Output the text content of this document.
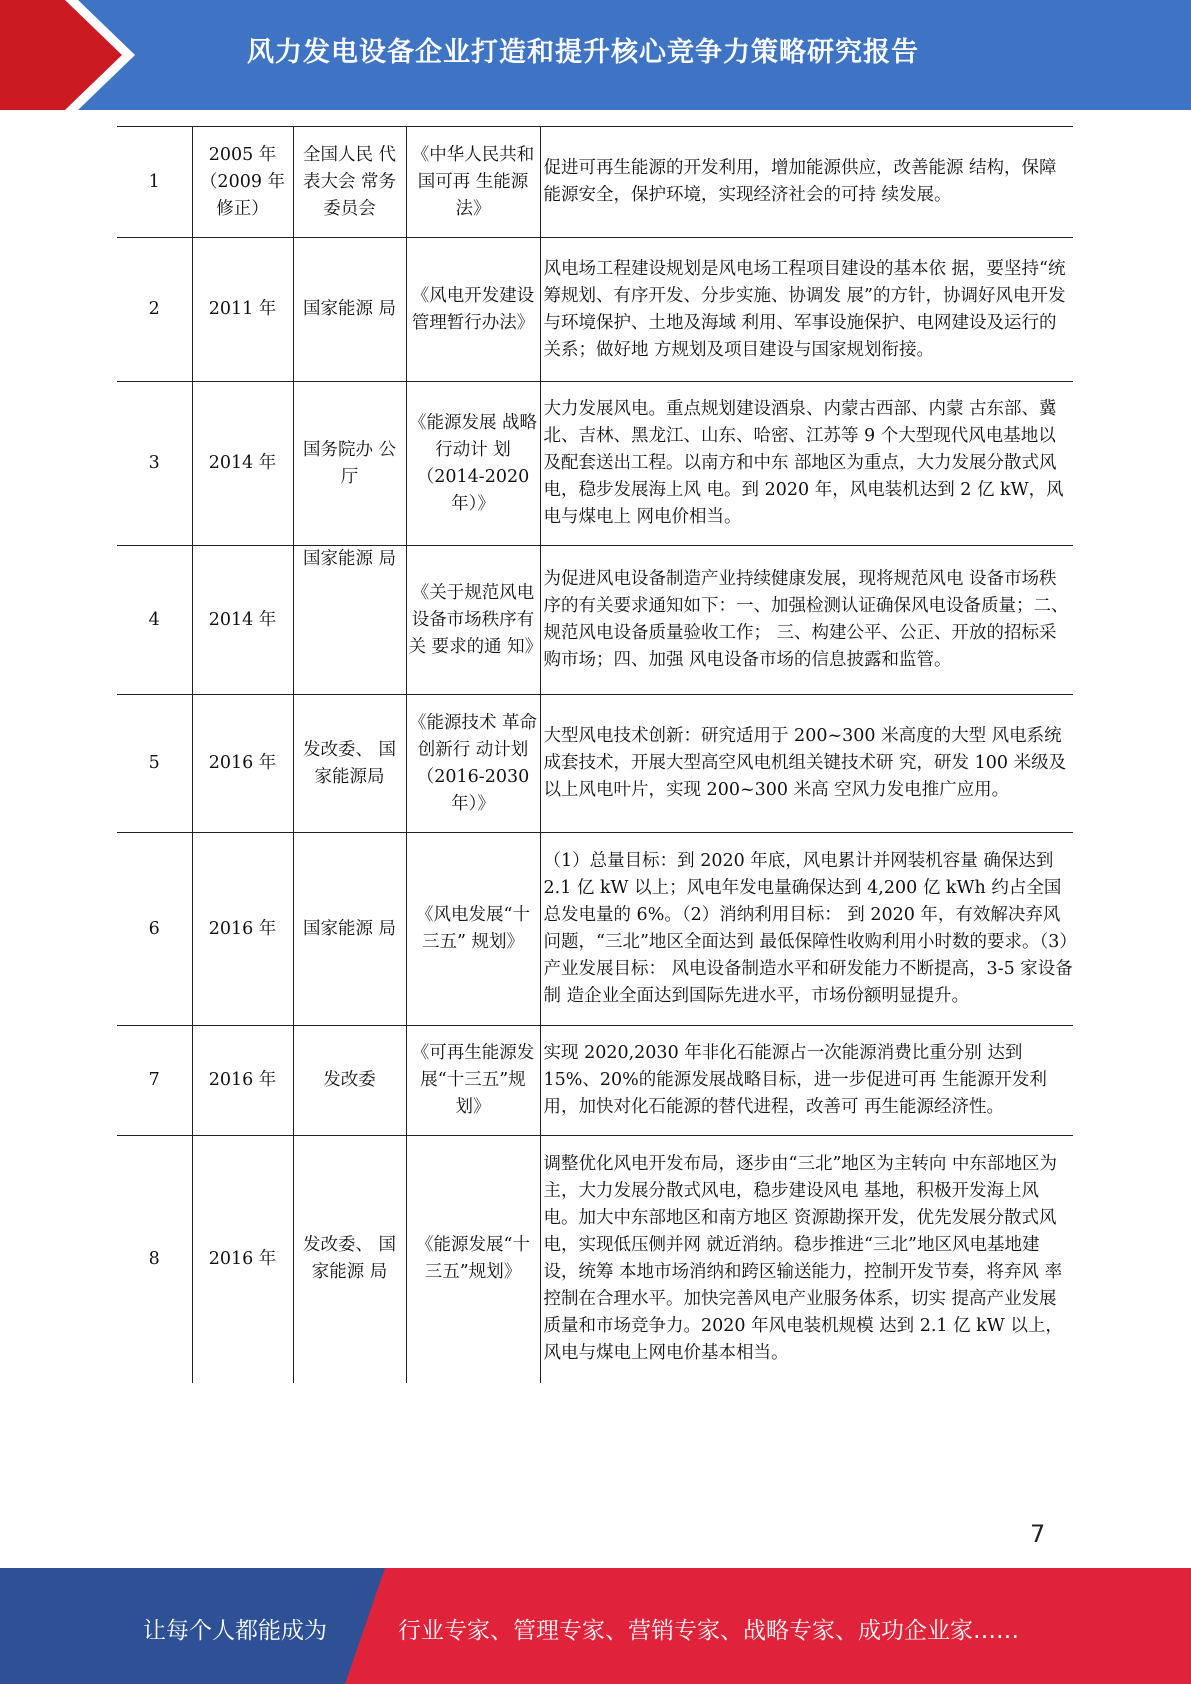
风力发电设备企业打造和提升核心竞争力策略研究报告
1	2005 年（2009 年修正）	全国人民 代表大会 常务委员会	《中华人民共和国可再 生能源法》	促进可再生能源的开发利用，增加能源供应，改善能源 结构，保障能源安全，保护环境，实现经济社会的可持 续发展。
2	2011 年	国家能源 局	《风电开发建设管理暂行办法》	风电场工程建设规划是风电场工程项目建设的基本依 据，要坚持“统筹规划、有序开发、分步实施、协调发 展”的方针，协调好风电开发与环境保护、土地及海域 利用、军事设施保护、电网建设及运行的关系；做好地 方规划及项目建设与国家规划衔接。
3	2014 年	国务院办 公厅	《能源发展 战略行动计 划（2014-2020 年）》	大力发展风电。重点规划建设酒泉、内蒙古西部、内蒙 古东部、冀北、吉林、黑龙江、山东、哈密、江苏等 9 个大型现代风电基地以及配套送出工程。以南方和中东 部地区为重点，大力发展分散式风电，稳步发展海上风 电。到 2020 年，风电装机达到 2 亿 kW，风电与煤电上 网电价相当。
4	2014 年	国家能源 局	《关于规范风电设备市场秩序有关 要求的通 知》	为促进风电设备制造产业持续健康发展，现将规范风电 设备市场秩序的有关要求通知如下：一、加强检测认证确保风电设备质量；二、规范风电设备质量验收工作； 三、构建公平、公正、开放的招标采购市场；四、加强 风电设备市场的信息披露和监管。
5	2016 年	发改委、 国家能源局	《能源技术 革命创新行 动计划（2016-2030 年）》	大型风电技术创新：研究适用于 200~300 米高度的大型 风电系统成套技术，开展大型高空风电机组关键技术研 究，研发 100 米级及以上风电叶片，实现 200~300 米高 空风力发电推广应用。
6	2016 年	国家能源 局	《风电发展“十三五” 规划》	（1）总量目标：到 2020 年底，风电累计并网装机容量 确保达到 2.1 亿 kW 以上；风电年发电量确保达到 4,200 亿 kWh 约占全国总发电量的 6%。（2）消纳利用目标： 到 2020 年，有效解决弃风问题，“三北”地区全面达到 最低保障性收购利用小时数的要求。（3）产业发展目标： 风电设备制造水平和研发能力不断提高，3-5 家设备制 造企业全面达到国际先进水平，市场份额明显提升。
7	2016 年	发改委	《可再生能源发展“十三五”规 划》	实现 2020,2030 年非化石能源占一次能源消费比重分别 达到 15%、20%的能源发展战略目标，进一步促进可再 生能源开发利用，加快对化石能源的替代进程，改善可 再生能源经济性。
8	2016 年	发改委、 国家能源 局	《能源发展“十三五”规划》	调整优化风电开发布局，逐步由“三北”地区为主转向 中东部地区为主，大力发展分散式风电，稳步建设风电 基地，积极开发海上风电。加大中东部地区和南方地区 资源勘探开发，优先发展分散式风电，实现低压侧并网 就近消纳。稳步推进“三北”地区风电基地建设，统筹 本地市场消纳和跨区输送能力，控制开发节奏，将弃风 率控制在合理水平。加快完善风电产业服务体系，切实 提高产业发展质量和市场竞争力。2020 年风电装机规模 达到 2.1 亿 kW 以上，风电与煤电上网电价基本相当。
7
让每个人都能成为	行业专家、管理专家、营销专家、战略专家、成功企业家……
